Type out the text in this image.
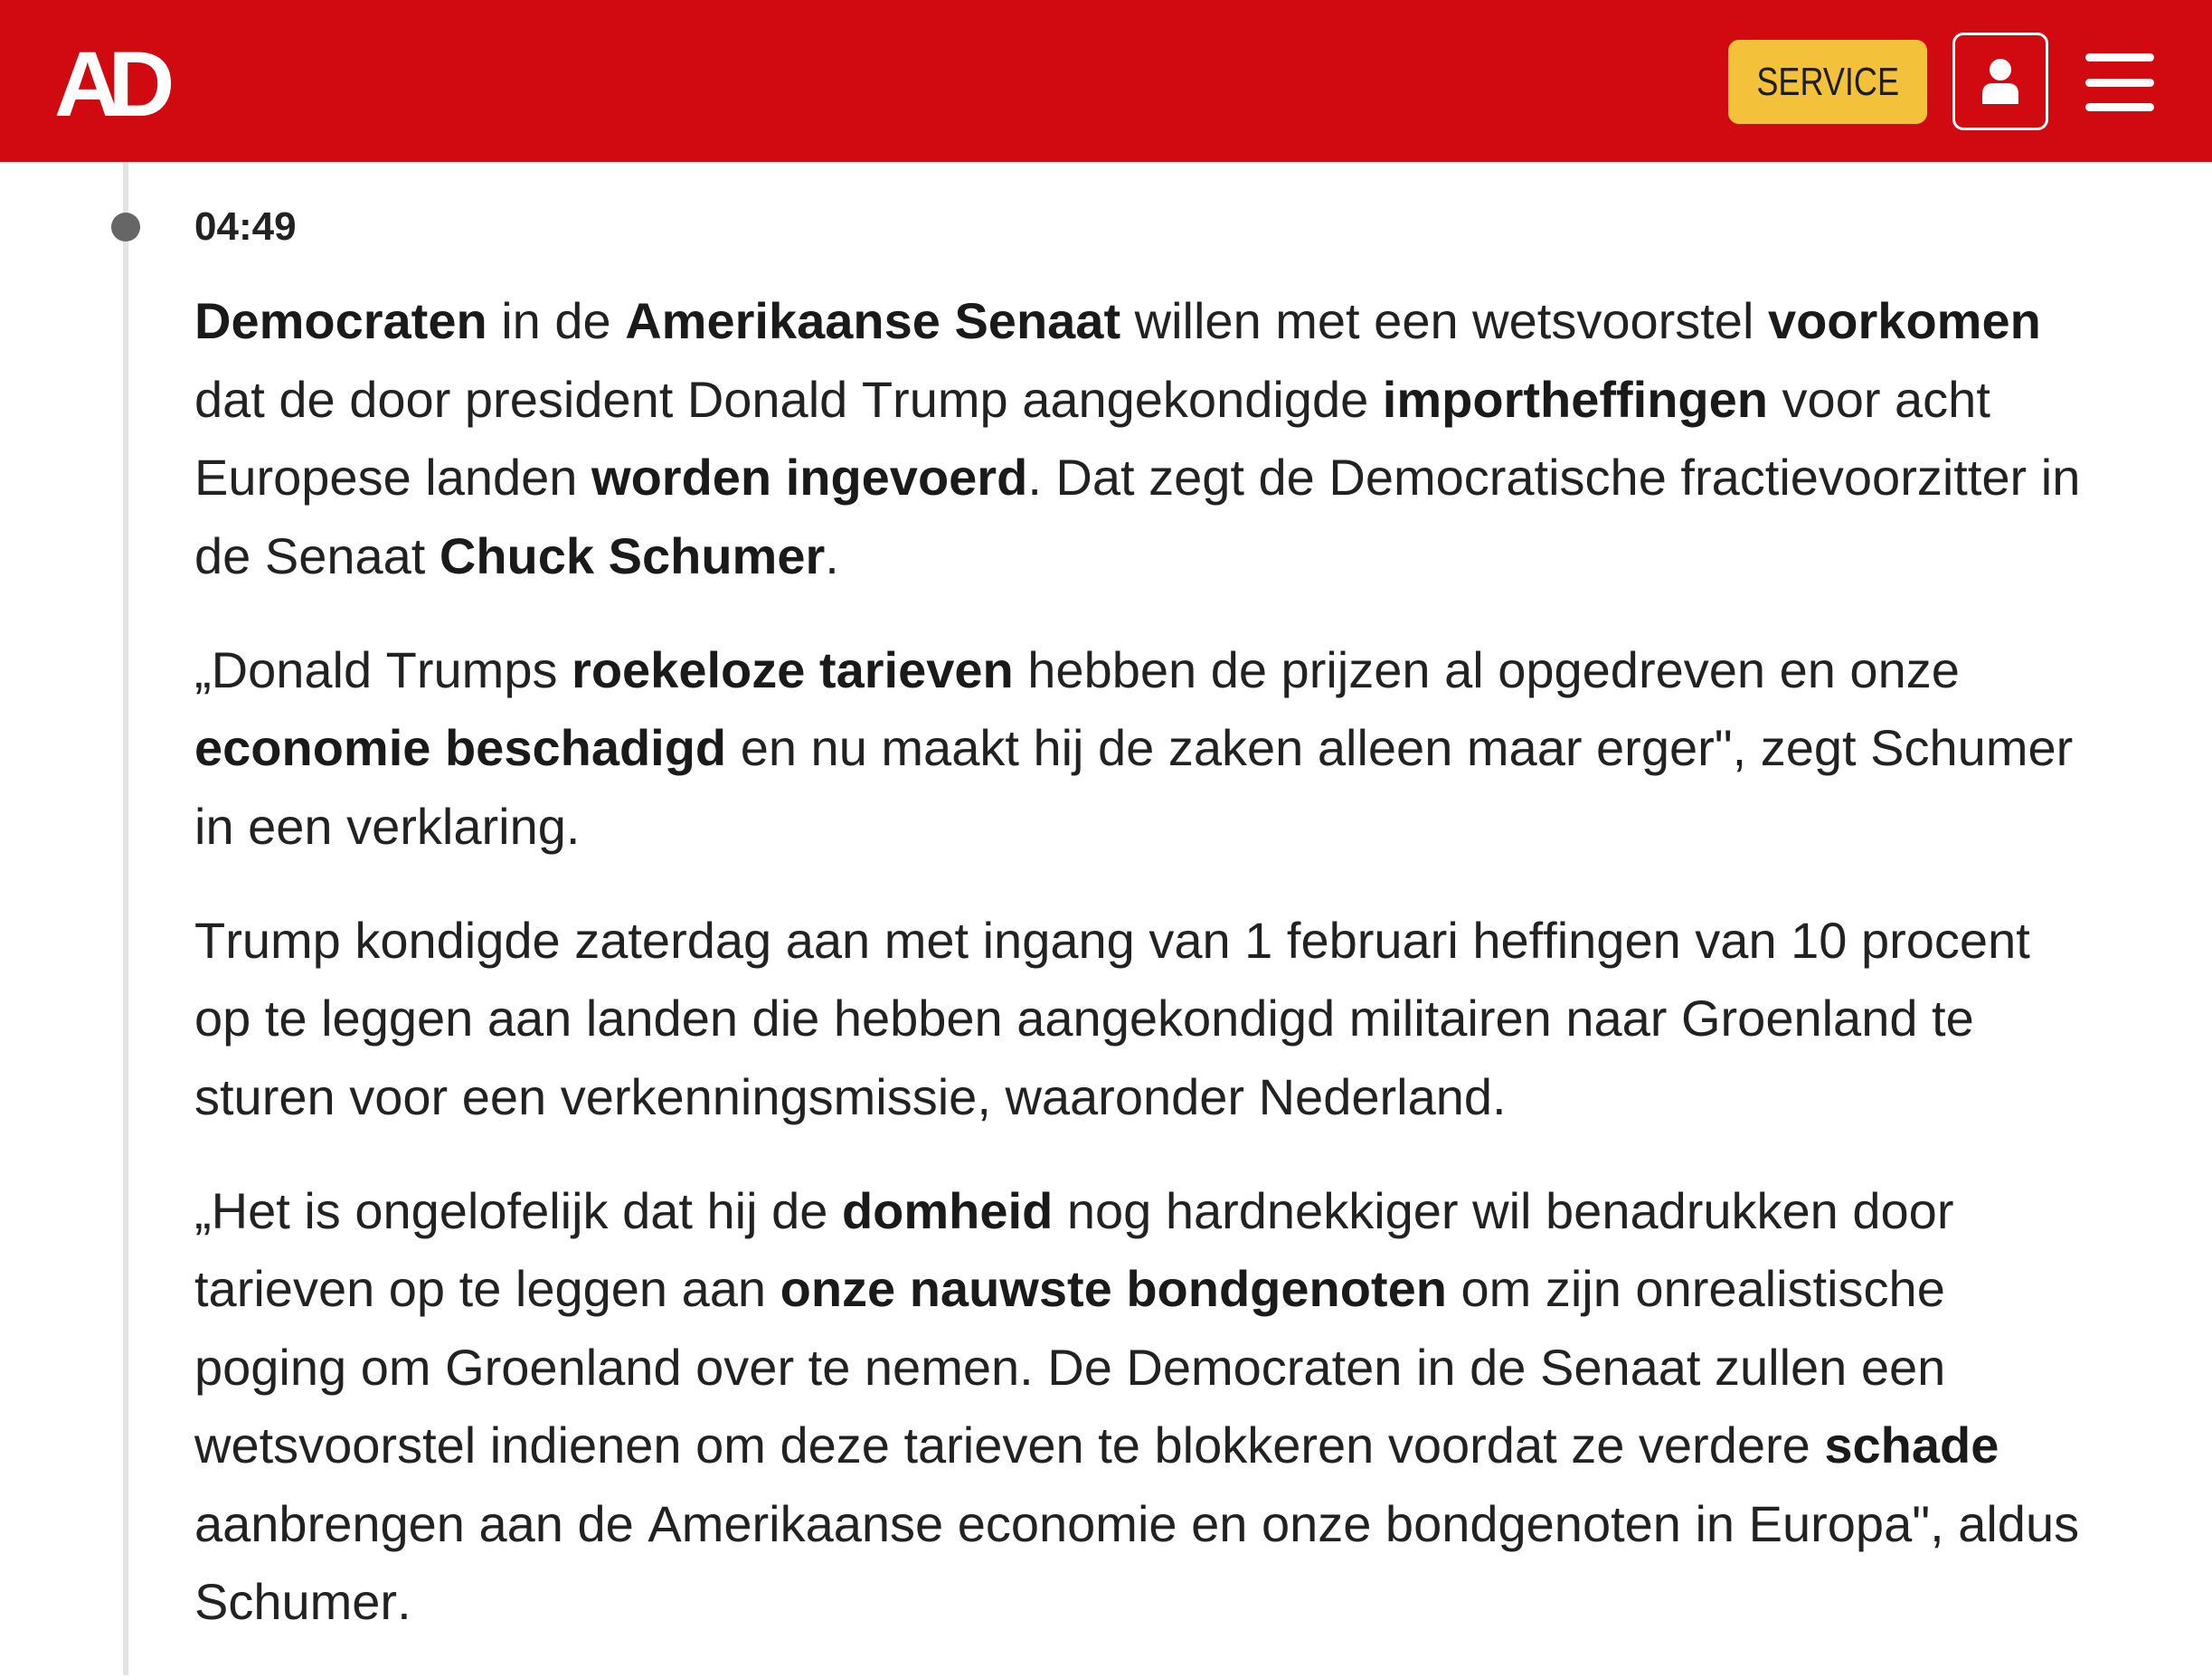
AD	SERVICE
04:49

Democraten in de Amerikaanse Senaat willen met een wetsvoorstel voorkomen dat de door president Donald Trump aangekondigde importheffingen voor acht Europese landen worden ingevoerd. Dat zegt de Democratische fractievoorzitter in de Senaat Chuck Schumer.

„Donald Trumps roekeloze tarieven hebben de prijzen al opgedreven en onze economie beschadigd en nu maakt hij de zaken alleen maar erger", zegt Schumer in een verklaring.

Trump kondigde zaterdag aan met ingang van 1 februari heffingen van 10 procent op te leggen aan landen die hebben aangekondigd militairen naar Groenland te sturen voor een verkenningsmissie, waaronder Nederland.

„Het is ongelofelijk dat hij de domheid nog hardnekkiger wil benadrukken door tarieven op te leggen aan onze nauwste bondgenoten om zijn onrealistische poging om Groenland over te nemen. De Democraten in de Senaat zullen een wetsvoorstel indienen om deze tarieven te blokkeren voordat ze verdere schade aanbrengen aan de Amerikaanse economie en onze bondgenoten in Europa", aldus Schumer.
